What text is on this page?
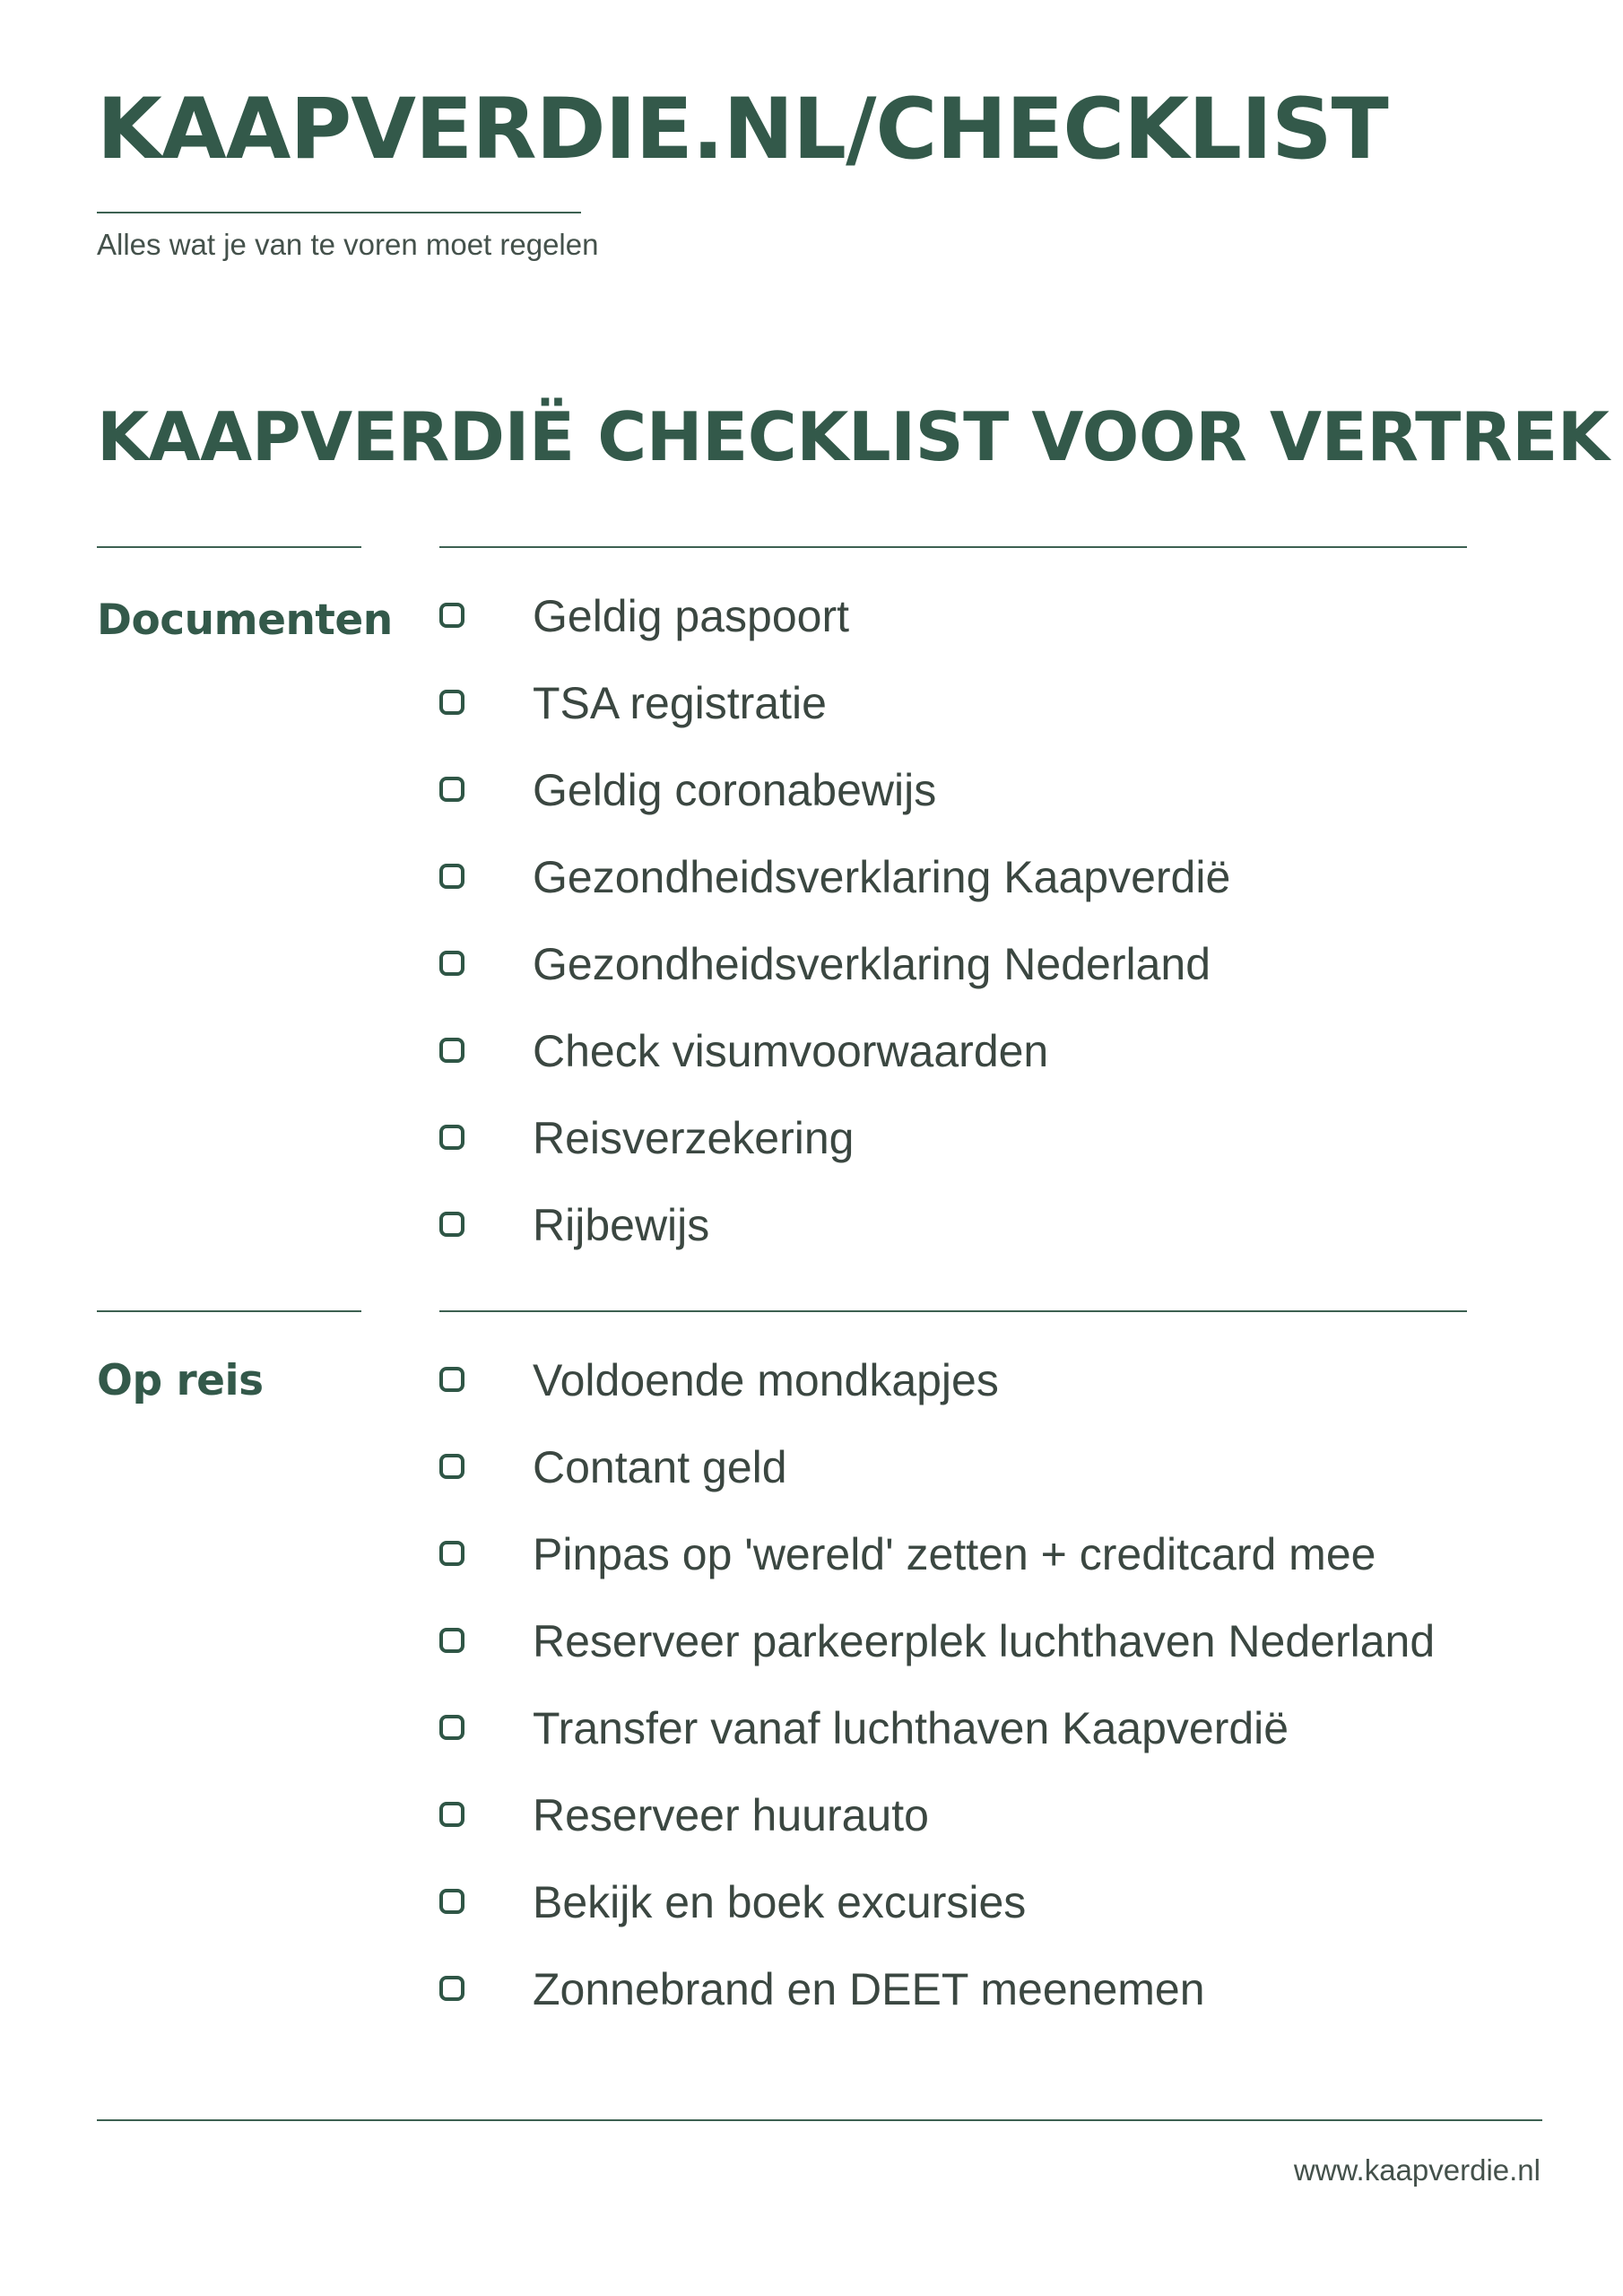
KAAPVERDIE.NL/CHECKLIST

Alles wat je van te voren moet regelen

KAAPVERDIË CHECKLIST VOOR VERTREK
Documenten	Geldig paspoort
TSA registratie
Geldig coronabewijs
Gezondheidsverklaring Kaapverdië
Gezondheidsverklaring Nederland
Check visumvoorwaarden
Reisverzekering
Rijbewijs
Op reis	Voldoende mondkapjes
Contant geld
Pinpas op 'wereld' zetten + creditcard mee
Reserveer parkeerplek luchthaven Nederland
Transfer vanaf luchthaven Kaapverdië
Reserveer huurauto
Bekijk en boek excursies
Zonnebrand en DEET meenemen

www.kaapverdie.nl
